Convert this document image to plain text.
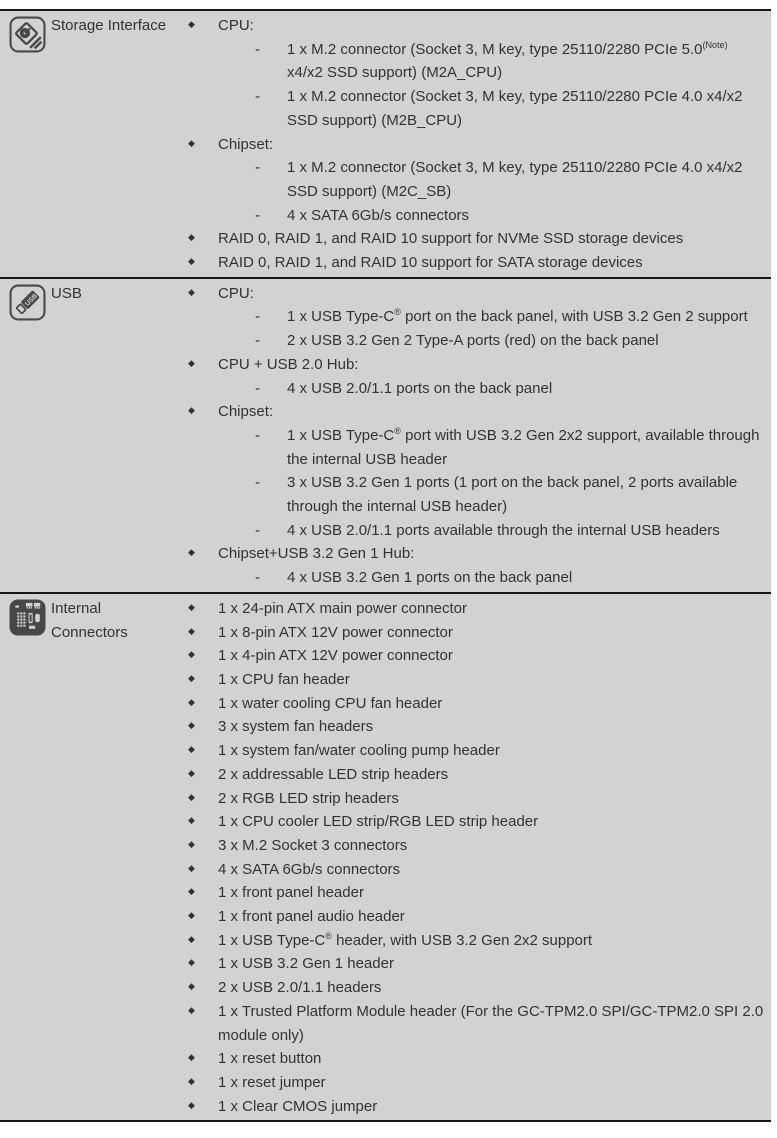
Storage Interface	◆	CPU:
-	1 x M.2 connector (Socket 3, M key, type 25110/2280 PCIe $5.0^{(Note)}$ x4/x2 SSD support) (M2A_CPU)
-	1 x M.2 connector (Socket 3, M key, type 25110/2280 PCIe 4.0 x4/x2 SSD support) (M2B_CPU)
◆	Chipset:
-	1 x M.2 connector (Socket 3, M key, type 25110/2280 PCIe 4.0 x4/x2 SSD support) (M2C_SB)
-	4 x SATA 6Gb/s connectors
◆	RAID 0, RAID 1, and RAID 10 support for NVMe SSD storage devices
◆	RAID 0, RAID 1, and RAID 10 support for SATA storage devices
USB USB	◆	CPU:
-	1 x USB Type-C® port on the back panel, with USB 3.2 Gen 2 support
-	2 x USB 3.2 Gen 2 Type-A ports (red) on the back panel
◆	CPU + USB 2.0 Hub:
-	4 x USB 2.0/1.1 ports on the back panel
◆	Chipset:
-	1 x USB Type-C® port with USB 3.2 Gen 2x2 support, available through the internal USB header
-	3 x USB 3.2 Gen 1 ports (1 port on the back panel, 2 ports available through the internal USB header)
-	4 x USB 2.0/1.1 ports available through the internal USB headers
◆	Chipset+USB 3.2 Gen 1 Hub:
-	4 x USB 3.2 Gen 1 ports on the back panel
Internal Connectors
◆	1 x 24-pin ATX main power connector
◆	1 x 8-pin ATX 12V power connector
◆	1 x 4-pin ATX 12V power connector
◆	1 x CPU fan header
◆	1 x water cooling CPU fan header
◆	3 x system fan headers
◆	1 x system fan/water cooling pump header
◆	2 x addressable LED strip headers
◆	2 x RGB LED strip headers
◆	1 x CPU cooler LED strip/RGB LED strip header
◆	3 x M.2 Socket 3 connectors
◆	4 x SATA 6Gb/s connectors
◆	1 x front panel header
◆	1 x front panel audio header
◆	1 x USB Type-C® header, with USB 3.2 Gen 2x2 support
◆	1 x USB 3.2 Gen 1 header
◆	2 x USB 2.0/1.1 headers
◆	1 x Trusted Platform Module header (For the GC-TPM2.0 SPI/GC-TPM2.0 SPI 2.0 module only)
◆	1 x reset button
◆	1 x reset jumper
◆	1 x Clear CMOS jumper
